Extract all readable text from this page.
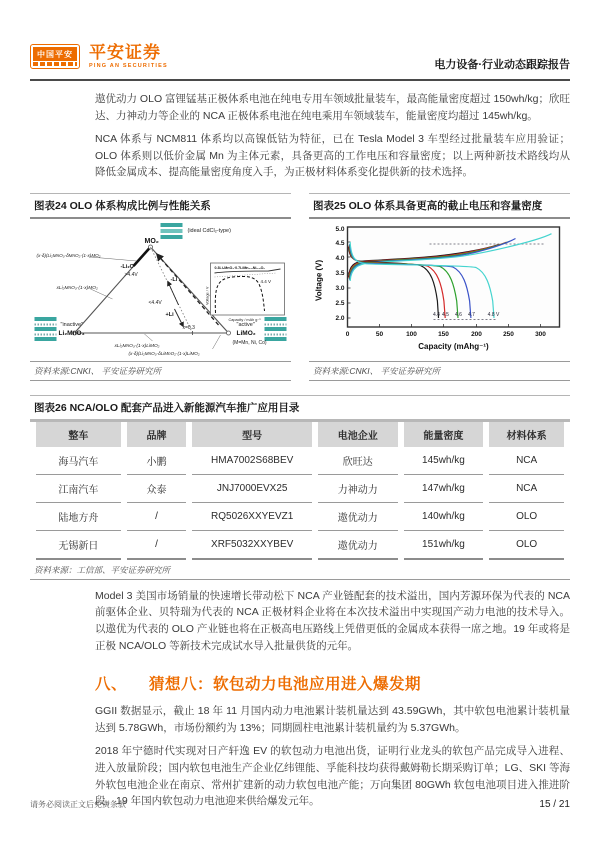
中国平安 平安证券
PING AN SECURITIES	电力设备·行业动态跟踪报告

遨优动力 OLO 富锂锰基正极体系电池在纯电专用车领域批量装车，最高能量密度超过 150wh/kg；欣旺达、力神动力等企业的 NCA 正极体系电池在纯电乘用车领域装车，能量密度均超过 145wh/kg。

NCA 体系与 NCM811 体系均以高镍低钴为特征，已在 Tesla Model 3 车型经过批量装车应用验证；OLO 体系则以低价金属 Mn 为主体元素，具备更高的工作电压和容量密度；以上两种新技术路线均从降低金属成本、提高能量密度角度入手，为正极材料体系变化提供新的技术选择。

图表24 OLO 体系构成比例与性能关系
MO₂
(ideal CdCl₂-type)
(x-δ)(Li₂MnO₃·δMnO₂·(1-x)MO₂
xLi₂MnO₃·(1-x)MO₂
-Li₂O
>4.4V
<4.4V
-Li
+Li
x=0.3
"inactive"
Li₂MnO₃
"active"
LiMO₂
(M=Mn, Ni, Co)
xLi₂MnO₃·(1-x)LiMO₂
(x-δ)(Li₂MnO₃·δLiMnO₂·(1-x)LiMO₂
0.3Li₂MnO₃·0.7LiMn₀.₅Ni₀.₅O₂
4.4 V
Capacity / mAh g⁻¹
Voltage / V
资料来源:CNKI、 平安证券研究所
图表25 OLO 体系具备更高的截止电压和容量密度
2.0
2.5
3.0
3.5
4.0
4.5
5.0
0	50	100	150	200	250	300
4.4 4.5 4.6 4.7	4.8 V
Voltage (V)
Capacity (mAhg⁻¹)
资料来源:CNKI、 平安证券研究所
图表26 NCA/OLO 配套产品进入新能源汽车推广应用目录
整车	品牌	型号	电池企业	能量密度	材料体系
海马汽车	小鹏	HMA7002S68BEV	欣旺达	145wh/kg	NCA
江南汽车	众泰	JNJ7000EVX25	力神动力	147wh/kg	NCA
陆地方舟	/	RQ5026XXYEVZ1	遨优动力	140wh/kg	OLO
无锡新日	/	XRF5032XXYBEV	遨优动力	151wh/kg	OLO
资料来源：工信部、平安证券研究所

Model 3 美国市场销量的快速增长带动松下 NCA 产业链配套的技术溢出，国内芳源环保为代表的 NCA 前驱体企业、贝特瑞为代表的 NCA 正极材料企业将在本次技术溢出中实现国产动力电池的技术导入。以遨优为代表的 OLO 产业链也将在正极高电压路线上凭借更低的金属成本获得一席之地。19 年或将是正极 NCA/OLO 等新技术完成试水导入批量供货的元年。

八、 猜想八：软包动力电池应用进入爆发期

GGII 数据显示，截止 18 年 11 月国内动力电池累计装机量达到 43.59GWh，其中软包电池累计装机量达到 5.78GWh，市场份额约为 13%；同期圆柱电池累计装机量约为 5.37GWh。

2018 年宁德时代实现对日产轩逸 EV 的软包动力电池出货，证明行业龙头的软包产品完成导入进程、进入放量阶段；国内软包电池生产企业亿纬锂能、孚能科技均获得戴姆勒长期采购订单；LG、SKI 等海外软包电池企业在南京、常州扩建新的动力软包电池产能；万向集团 80GWh 软包电池项目进入推进阶段。19 年国内软包动力电池迎来供给爆发元年。

请务必阅读正文后免责条款	15 / 21
